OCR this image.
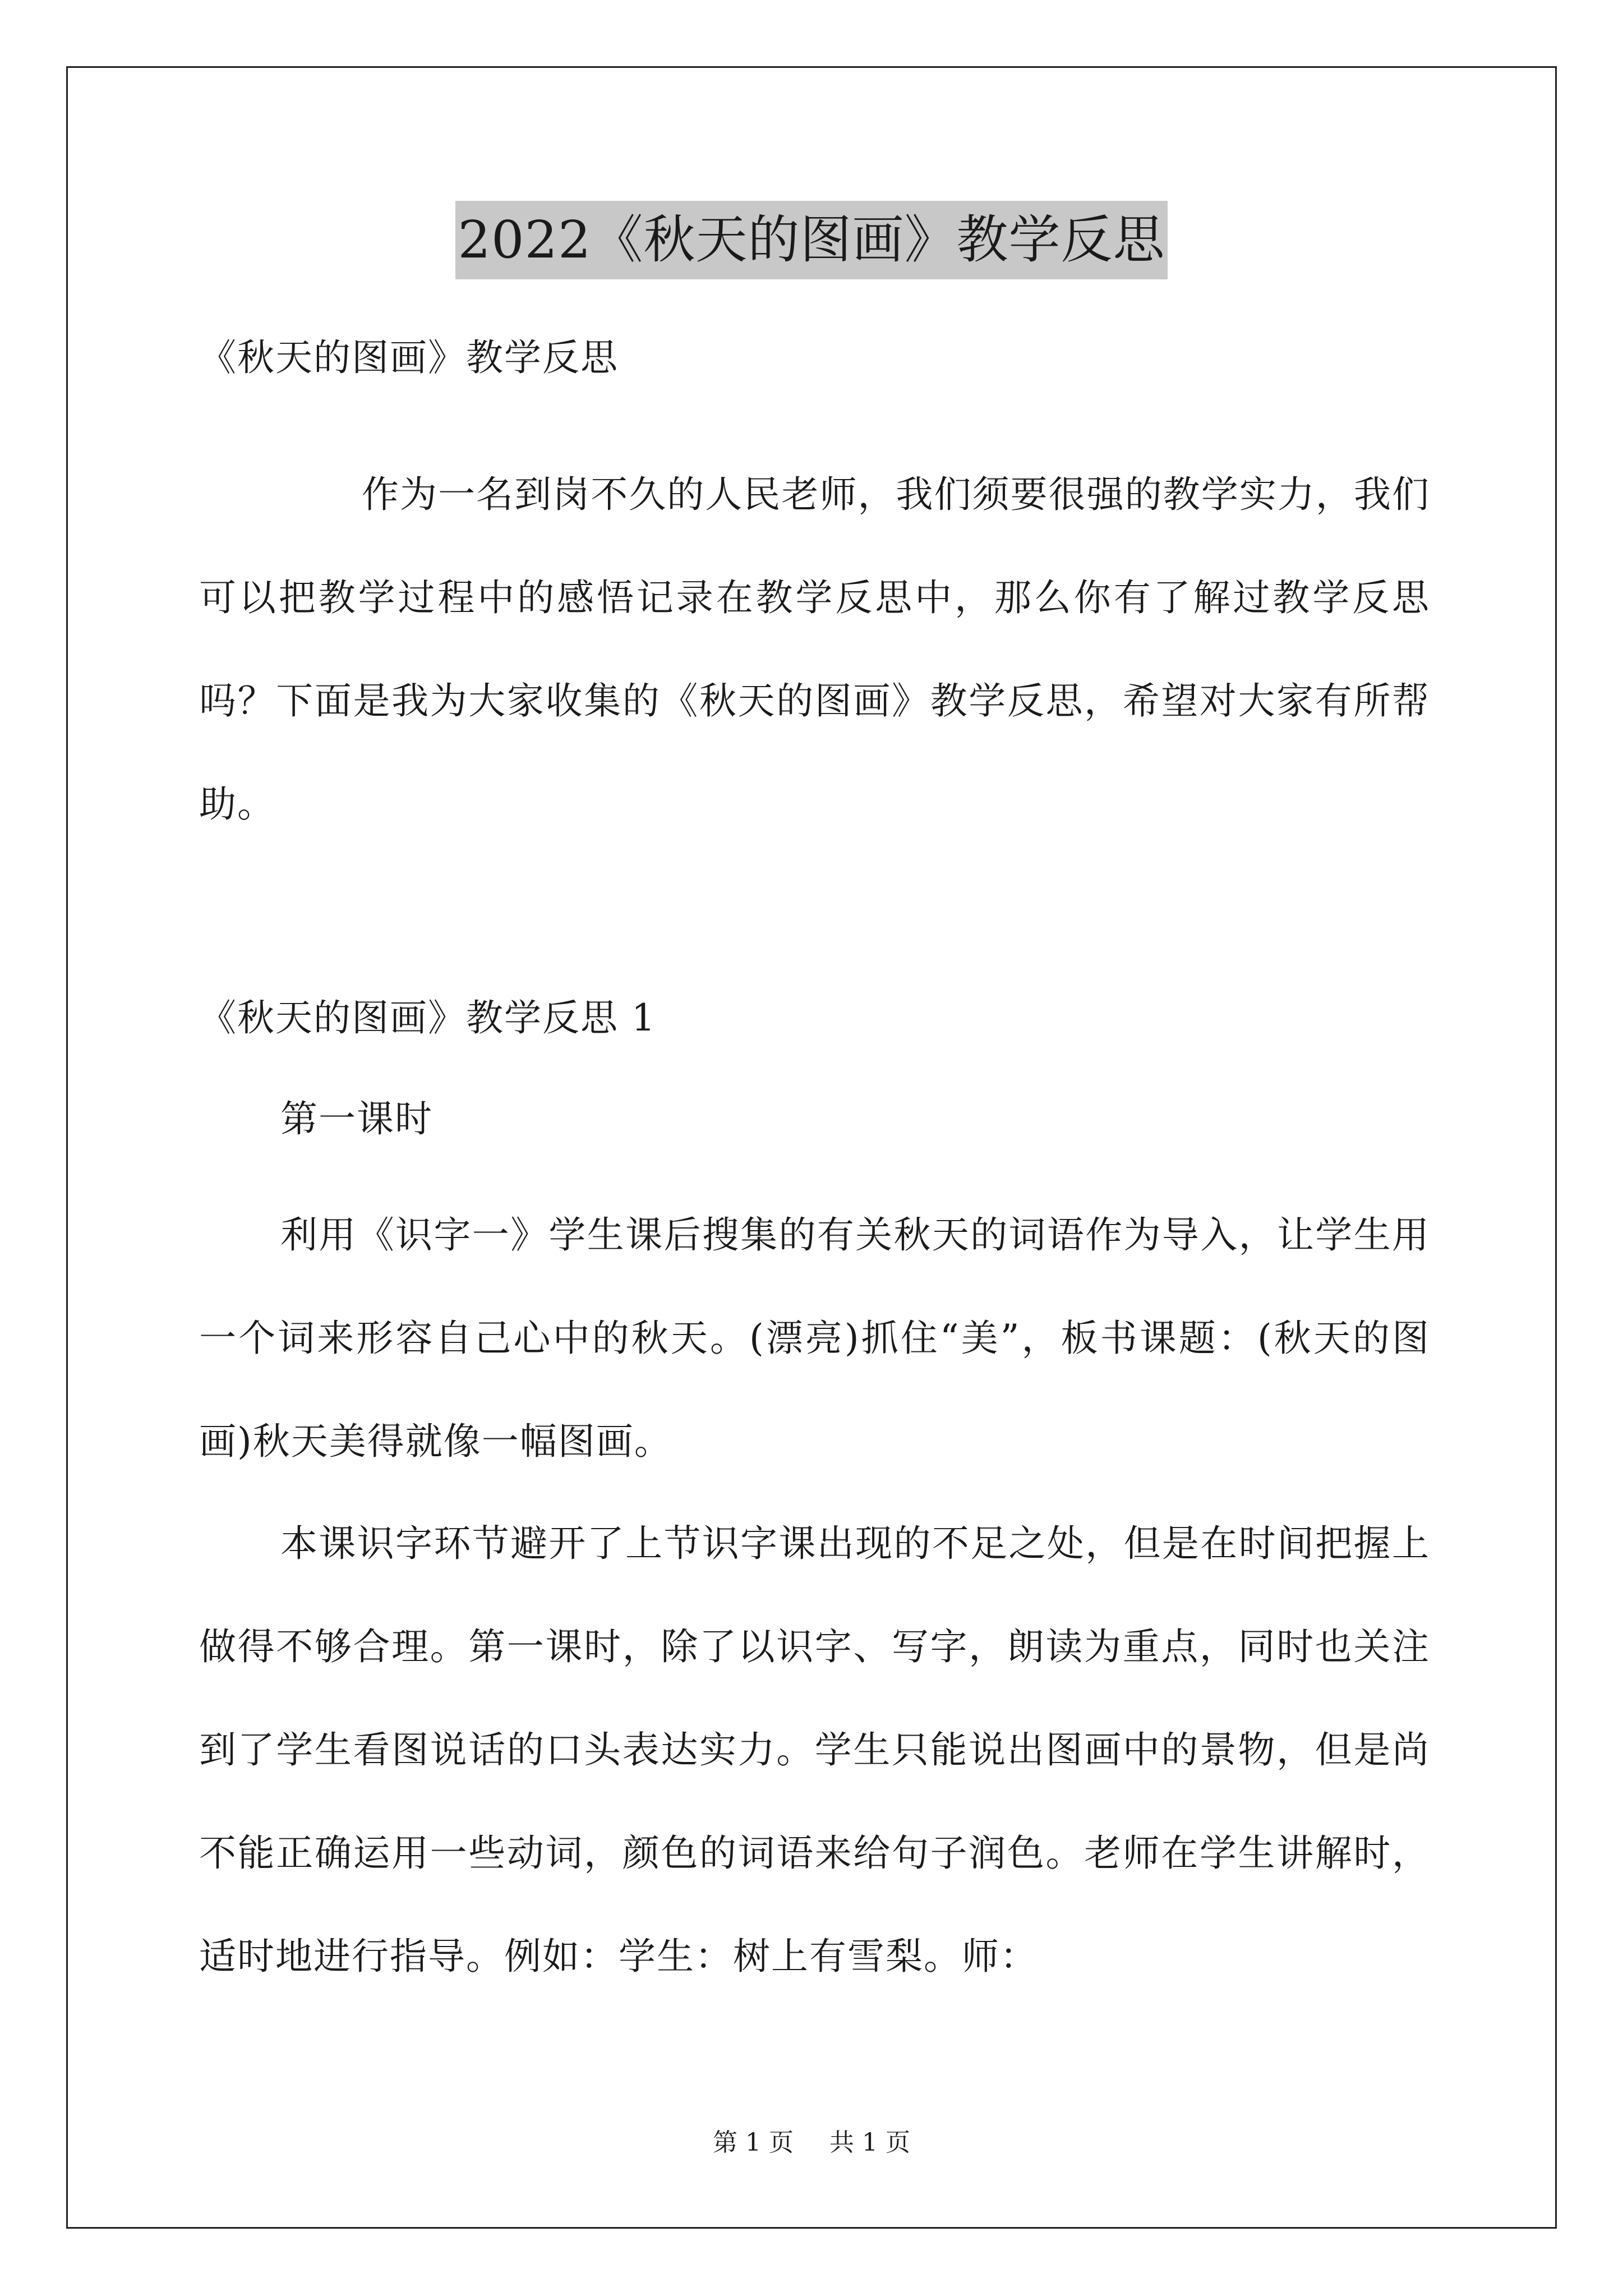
2022《秋天的图画》教学反思
《秋天的图画》教学反思
作为一名到岗不久的人民老师，我们须要很强的教学实力，我们可以把教学过程中的感悟记录在教学反思中，那么你有了解过教学反思吗？下面是我为大家收集的《秋天的图画》教学反思，希望对大家有所帮助。
《秋天的图画》教学反思 1
第一课时
利用《识字一》学生课后搜集的有关秋天的词语作为导入，让学生用一个词来形容自己心中的秋天。(漂亮)抓住“美”，板书课题：(秋天的图画)秋天美得就像一幅图画。
本课识字环节避开了上节识字课出现的不足之处，但是在时间把握上做得不够合理。第一课时，除了以识字、写字，朗读为重点，同时也关注到了学生看图说话的口头表达实力。学生只能说出图画中的景物，但是尚不能正确运用一些动词，颜色的词语来给句子润色。老师在学生讲解时，适时地进行指导。例如：学生：树上有雪梨。师：
第 1 页 共 1 页
